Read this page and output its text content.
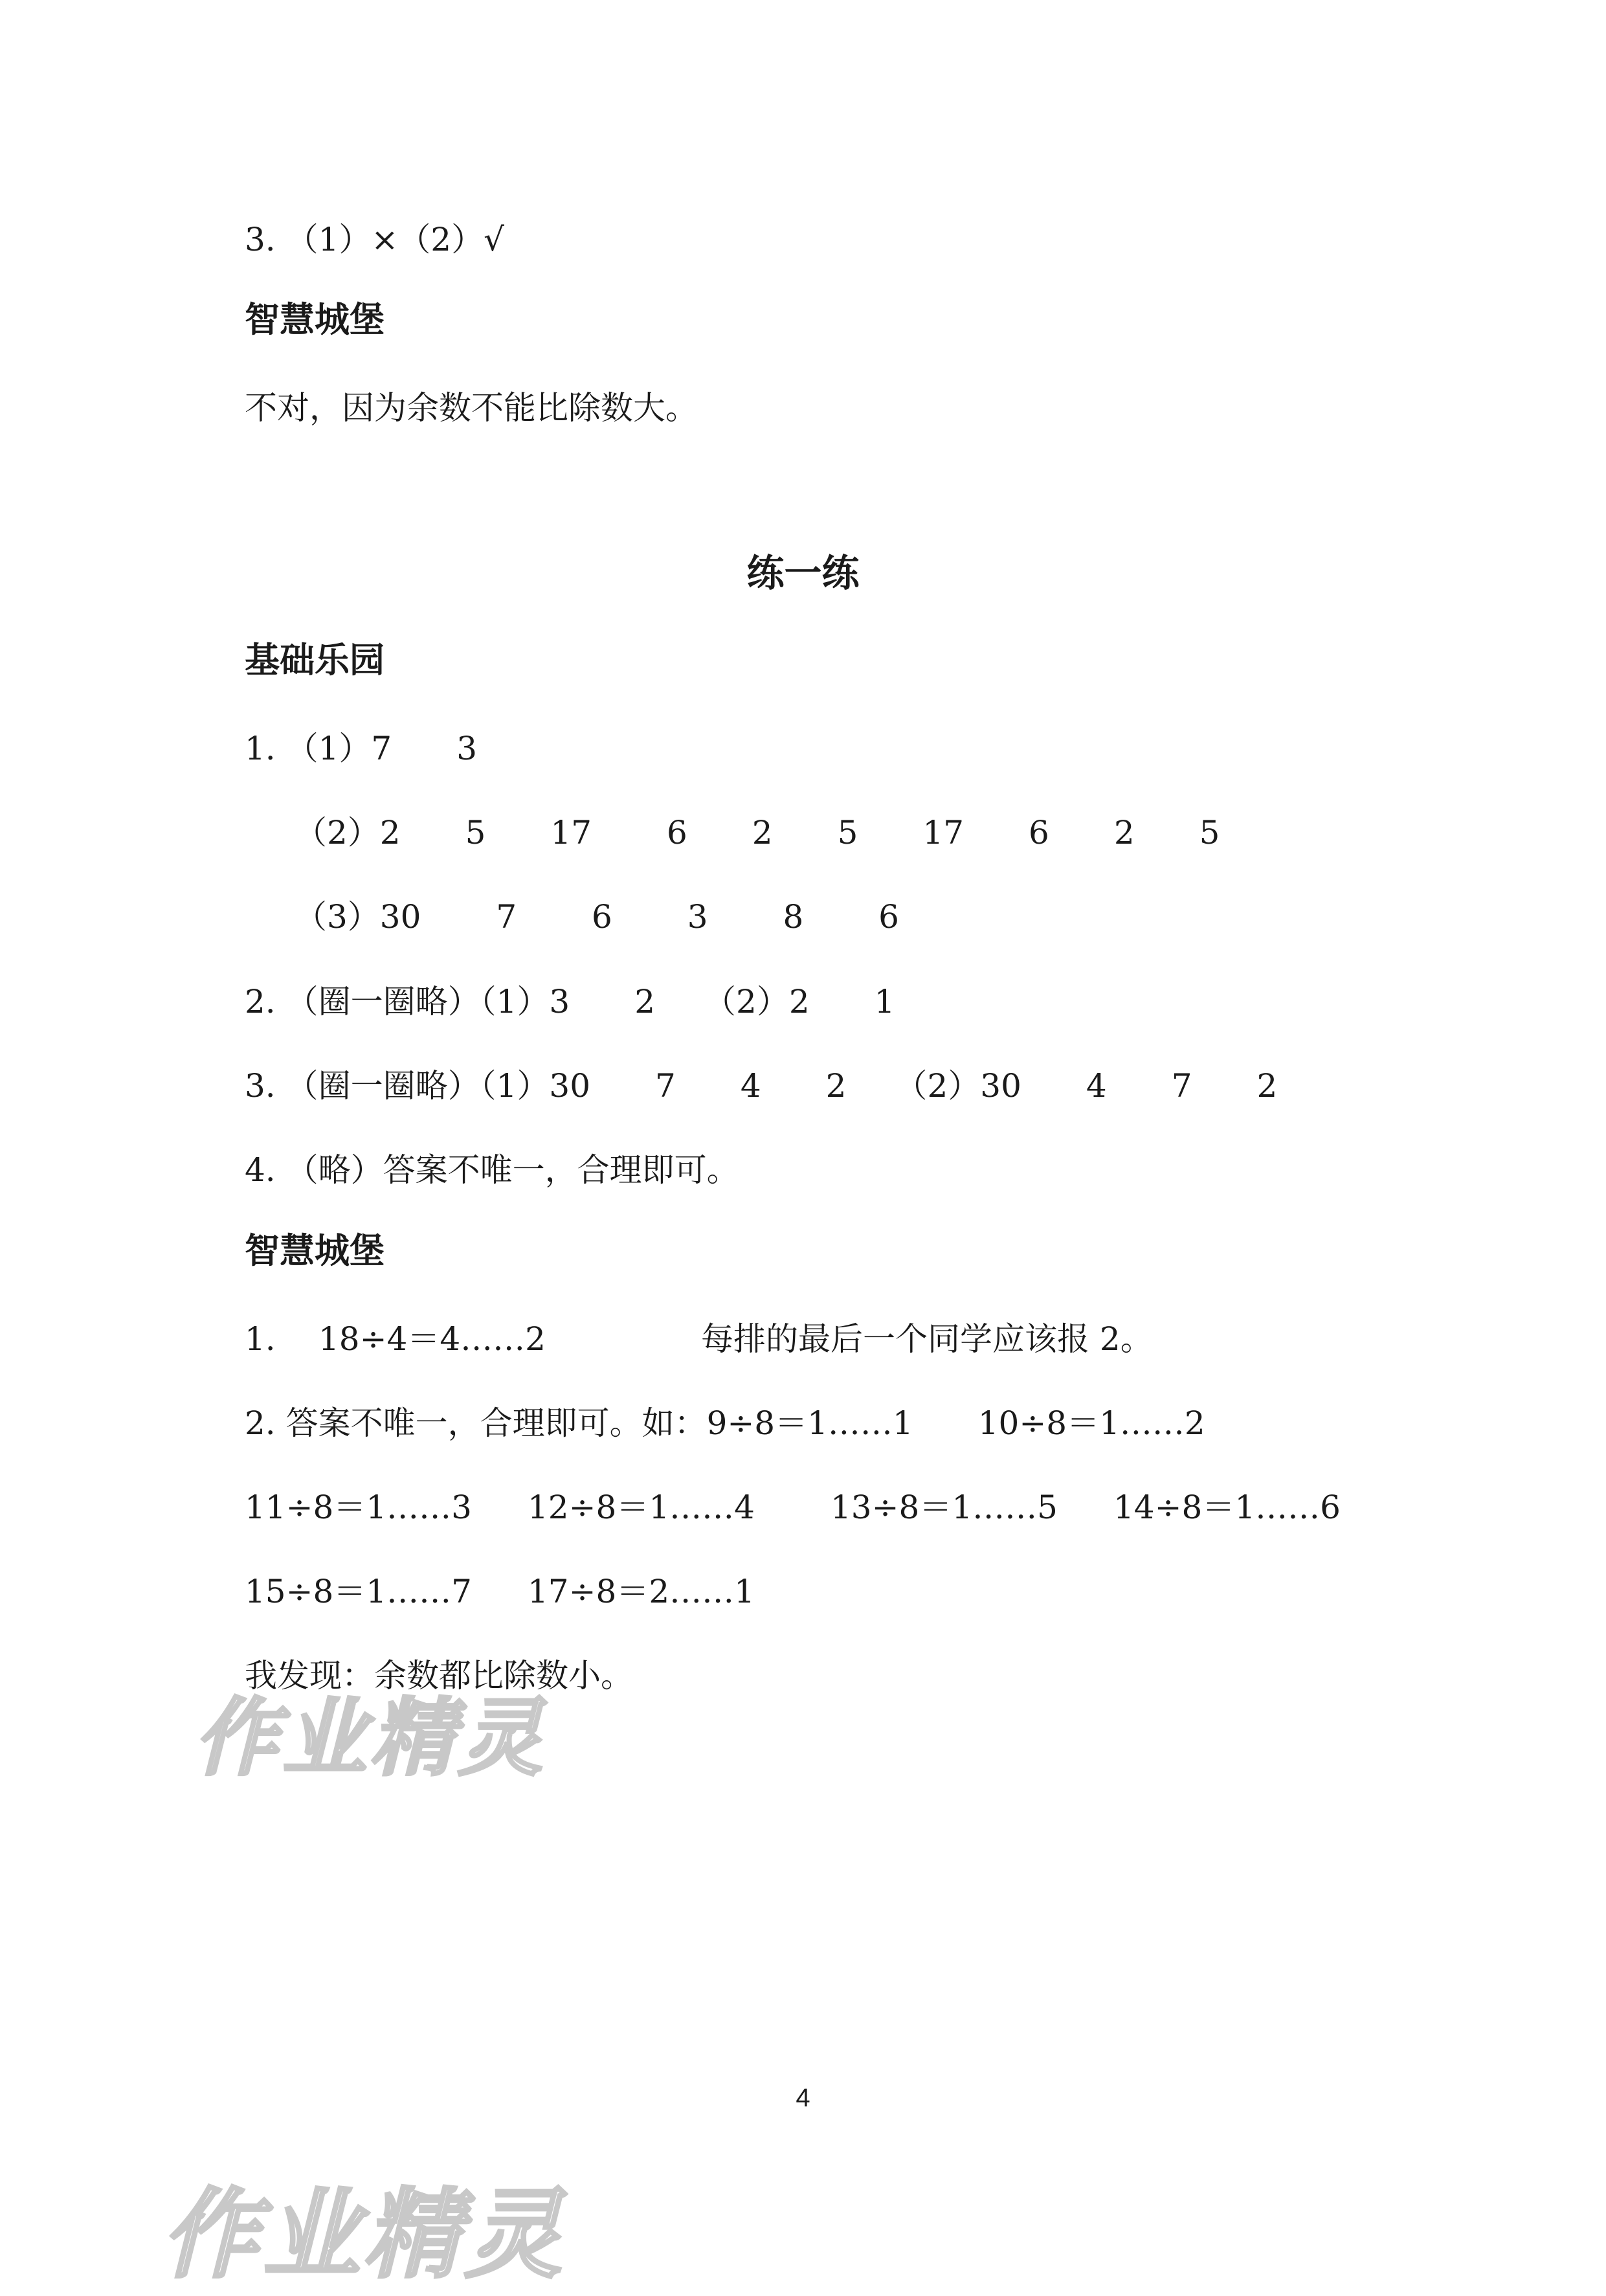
3. （1）×（2）√
智慧城堡
不对，因为余数不能比除数大。
练一练
基础乐园
1. （1）7　　3
（2）2　　5　　17　　 6　　2　　5　　17　　6　　2　　5
（3）30　　 7　　 6　　 3　　 8　　 6
2. （圈一圈略）（1）3　　2　　（2）2　　1
3. （圈一圈略）（1）30　　7　　4　　2　　（2）30　　4　　7　　2
4. （略）答案不唯一，合理即可。
智慧城堡
1. 18÷4＝4……2	每排的最后一个同学应该报 2。
2. 答案不唯一，合理即可。如：9÷8＝1……1　　10÷8＝1……2
11÷8＝1……3 12÷8＝1……4 13÷8＝1……5 14÷8＝1……6
15÷8＝1……7 17÷8＝2……1
我发现：余数都比除数小。
作业精灵
4
作业精灵
